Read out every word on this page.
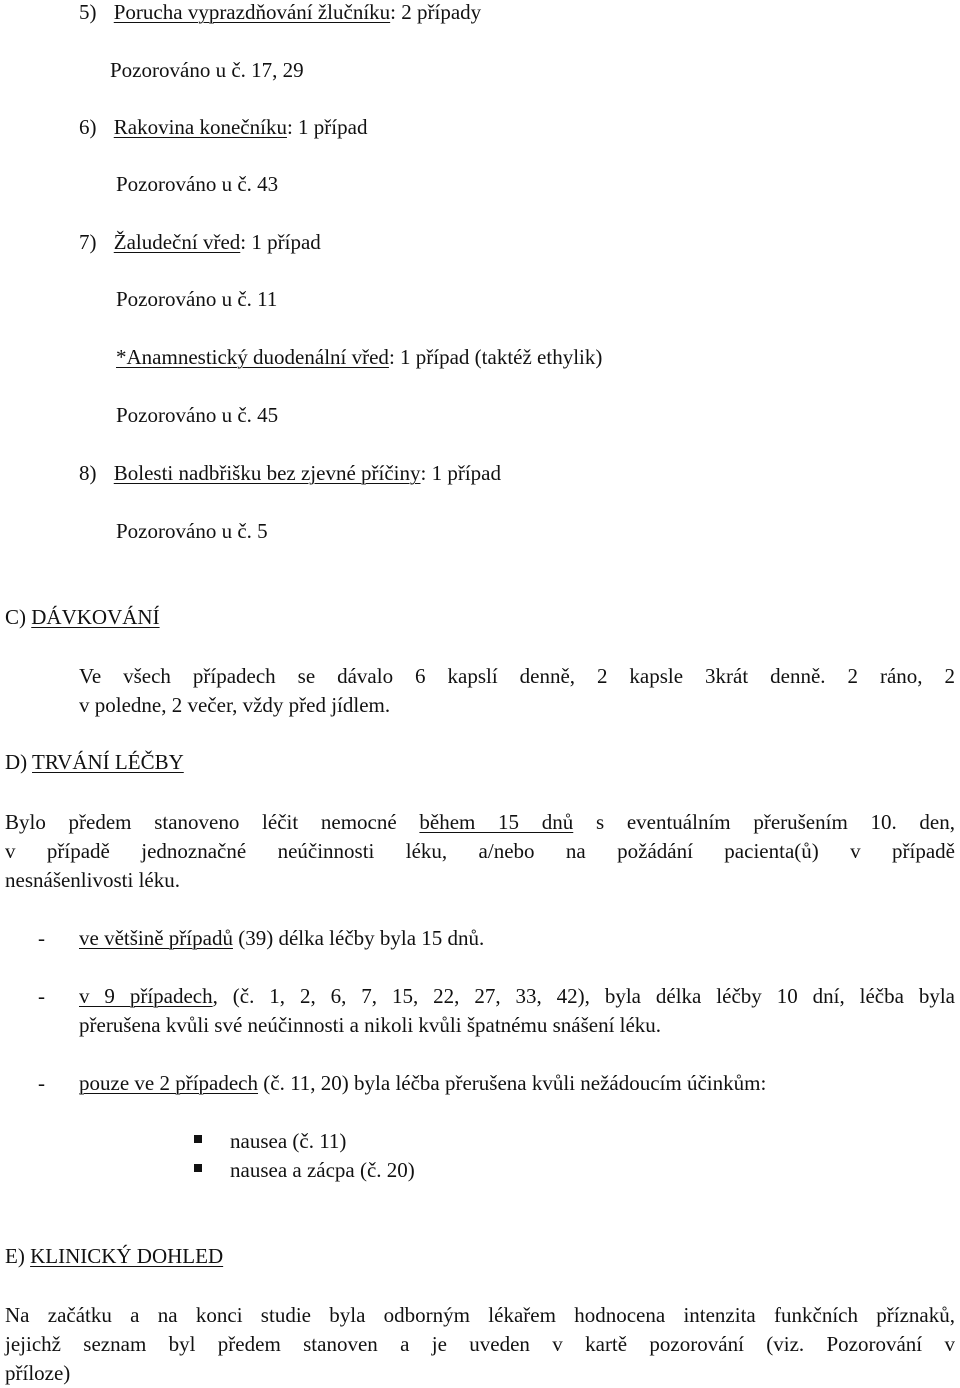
5) Porucha vyprazdňování žlučníku: 2 případy
Pozorováno u č. 17, 29
6) Rakovina konečníku: 1 případ
Pozorováno u č. 43
7) Žaludeční vřed: 1 případ
Pozorováno u č. 11
*Anamnestický duodenální vřed: 1 případ (taktéž ethylik)
Pozorováno u č. 45
8) Bolesti nadbřišku bez zjevné příčiny: 1 případ
Pozorováno u č. 5
C) DÁVKOVÁNÍ
Ve všech případech se dávalo 6 kapslí denně, 2 kapsle 3krát denně. 2 ráno, 2
v poledne, 2 večer, vždy před jídlem.
D) TRVÁNÍ LÉČBY
Bylo předem stanoveno léčit nemocné během 15 dnů s eventuálním přerušením 10. den,
v případě jednoznačné neúčinnosti léku, a/nebo na požádání pacienta(ů) v případě
nesnášenlivosti léku.
- ve většině případů (39) délka léčby byla 15 dnů.
- v 9 případech, (č. 1, 2, 6, 7, 15, 22, 27, 33, 42), byla délka léčby 10 dní, léčba byla
přerušena kvůli své neúčinnosti a nikoli kvůli špatnému snášení léku.
- pouze ve 2 případech (č. 11, 20) byla léčba přerušena kvůli nežádoucím účinkům:
nausea (č. 11)
nausea a zácpa (č. 20)
E) KLINICKÝ DOHLED
Na začátku a na konci studie byla odborným lékařem hodnocena intenzita funkčních příznaků,
jejichž seznam byl předem stanoven a je uveden v kartě pozorování (viz. Pozorování v
příloze)
